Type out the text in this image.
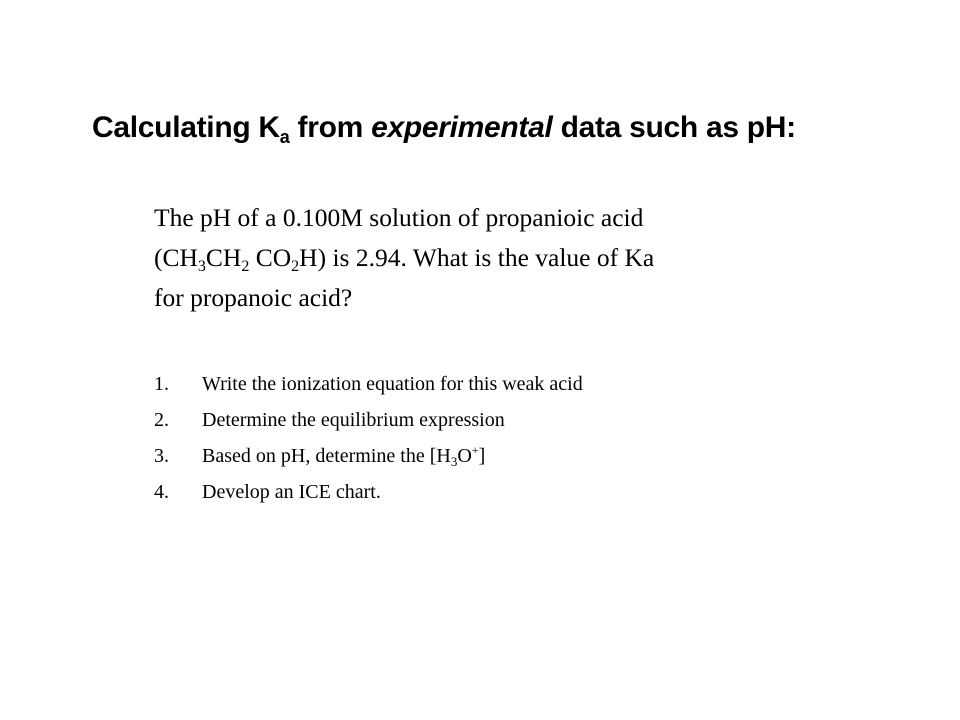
Calculating $K_a$ from experimental data such as pH:

The pH of a 0.100M solution of propanioic acid
($CH_3CH_2$ $CO_2H$) is 2.94. What is the value of Ka
for propanoic acid?

1. Write the ionization equation for this weak acid
2. Determine the equilibrium expression
3. Based on pH, determine the $[H_3O^+]$
4. Develop an ICE chart.
